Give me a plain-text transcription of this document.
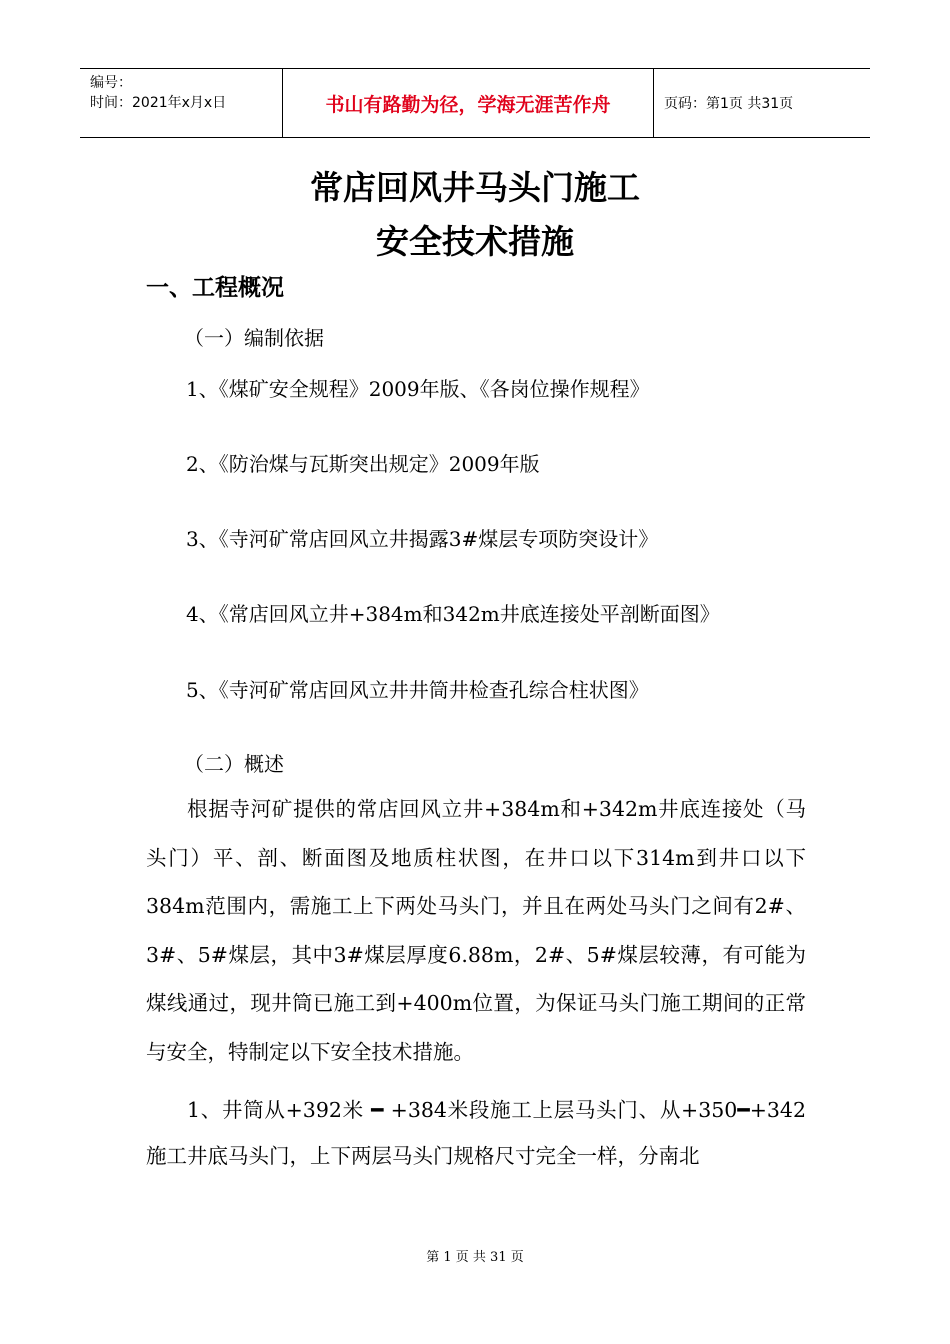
编号：
时间：2021年x月x日	书山有路勤为径，学海无涯苦作舟	页码：第1页 共31页
常店回风井马头门施工
安全技术措施
一、工程概况
（一）编制依据
1、《煤矿安全规程》2009年版、《各岗位操作规程》
2、《防治煤与瓦斯突出规定》2009年版
3、《寺河矿常店回风立井揭露3#煤层专项防突设计》
4、《常店回风立井+384m和342m井底连接处平剖断面图》
5、《寺河矿常店回风立井井筒井检查孔综合柱状图》
（二）概述

根据寺河矿提供的常店回风立井+384m和+342m井底连接处（马头门）平、剖、断面图及地质柱状图，在井口以下314m到井口以下384m范围内，需施工上下两处马头门，并且在两处马头门之间有2#、3#、5#煤层，其中3#煤层厚度6.88m，2#、5#煤层较薄，有可能为煤线通过，现井筒已施工到+400m位置，为保证马头门施工期间的正常与安全，特制定以下安全技术措施。

1、井筒从+392米 ━ +384米段施工上层马头门、从+350━+342施工井底马头门，上下两层马头门规格尺寸完全一样，分南北

第 1 页 共 31 页
